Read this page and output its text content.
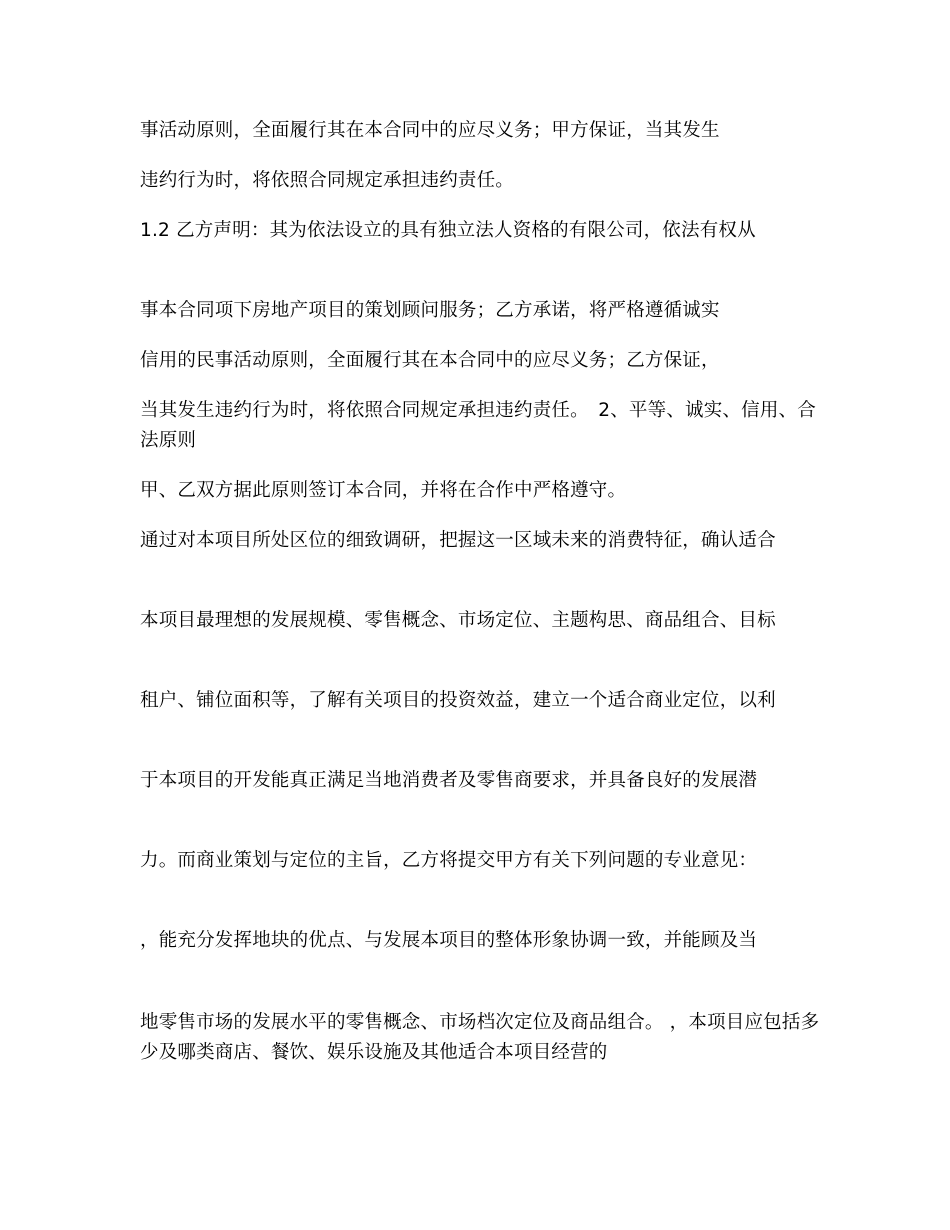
事活动原则，全面履行其在本合同中的应尽义务；甲方保证，当其发生
违约行为时，将依照合同规定承担违约责任。
1.2 乙方声明：其为依法设立的具有独立法人资格的有限公司，依法有权从
事本合同项下房地产项目的策划顾问服务；乙方承诺，将严格遵循诚实
信用的民事活动原则，全面履行其在本合同中的应尽义务；乙方保证，
当其发生违约行为时，将依照合同规定承担违约责任。　2、平等、诚实、信用、合法原则
甲、乙双方据此原则签订本合同，并将在合作中严格遵守。
通过对本项目所处区位的细致调研，把握这一区域未来的消费特征，确认适合
本项目最理想的发展规模、零售概念、市场定位、主题构思、商品组合、目标
租户、铺位面积等，了解有关项目的投资效益，建立一个适合商业定位，以利
于本项目的开发能真正满足当地消费者及零售商要求，并具备良好的发展潜
力。而商业策划与定位的主旨，乙方将提交甲方有关下列问题的专业意见：
，能充分发挥地块的优点、与发展本项目的整体形象协调一致，并能顾及当
地零售市场的发展水平的零售概念、市场档次定位及商品组合。 ，本项目应包括多少及哪类商店、餐饮、娱乐设施及其他适合本项目经营的
